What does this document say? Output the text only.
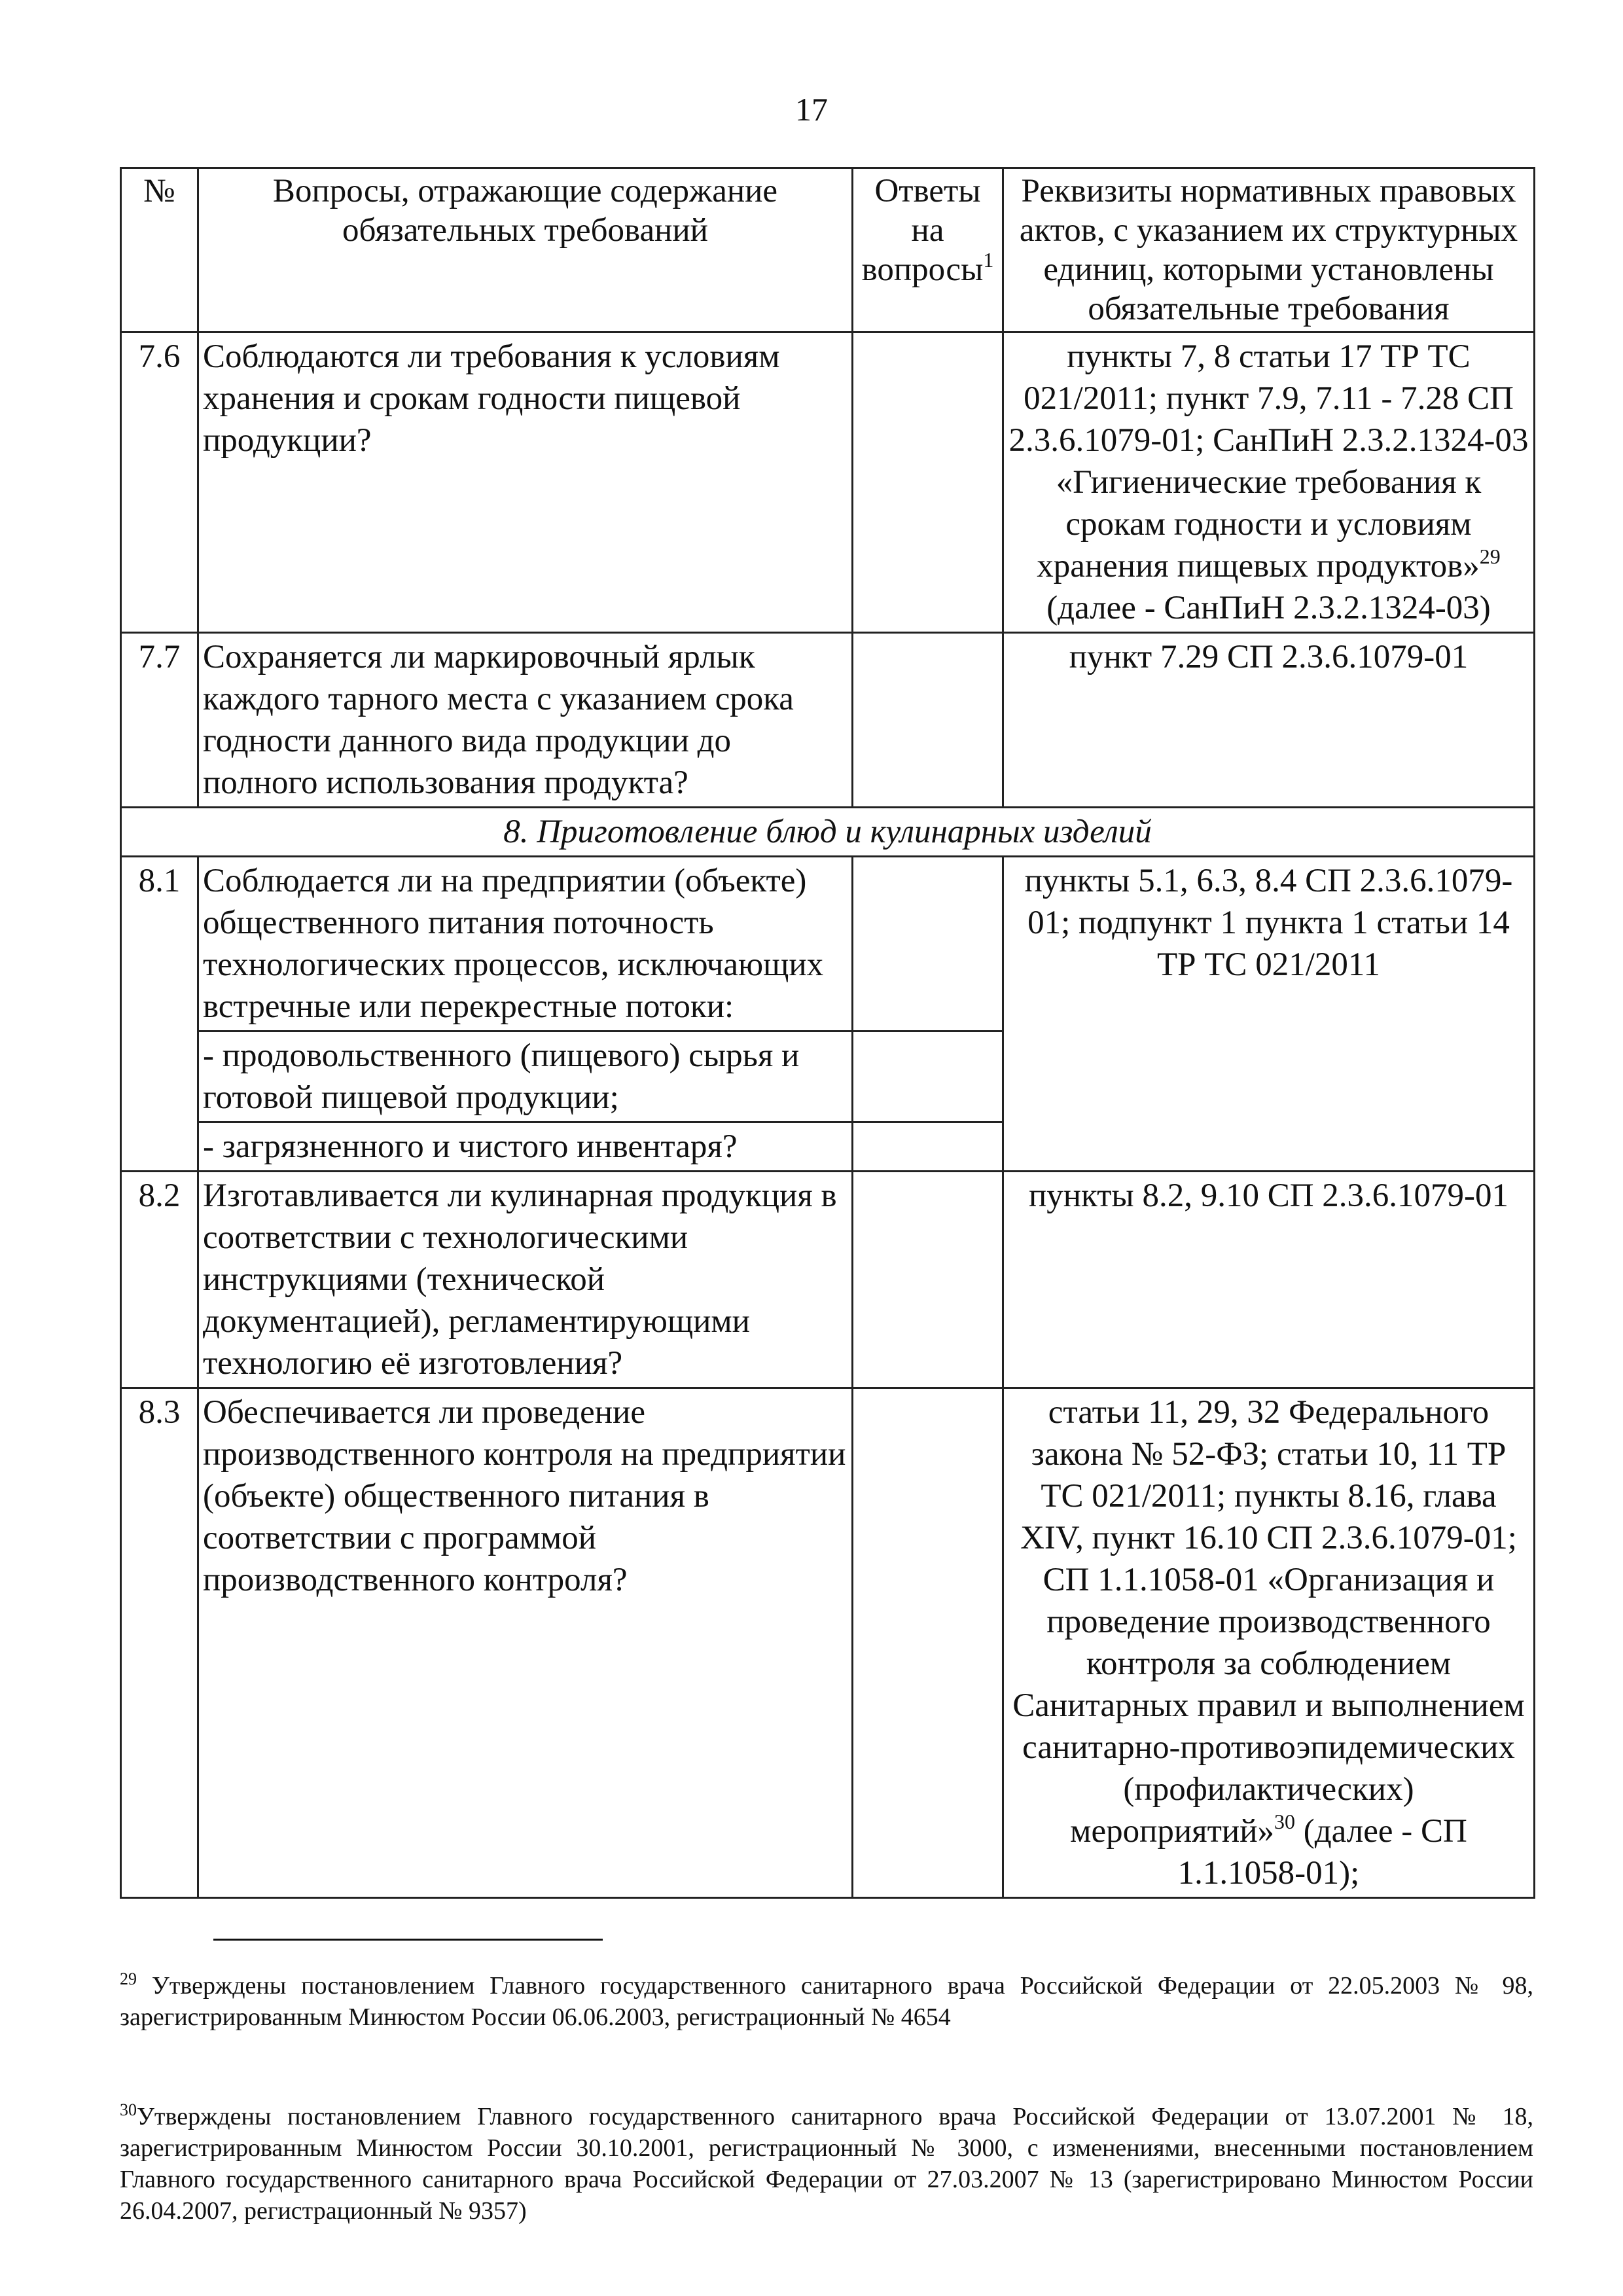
17
№	Вопросы, отражающие содержание обязательных требований	Ответы на вопросы$^1$	Реквизиты нормативных правовых актов, с указанием их структурных единиц, которыми установлены обязательные требования
7.6	Соблюдаются ли требования к условиям хранения и срокам годности пищевой продукции?		пункты 7, 8 статьи 17 ТР ТС 021/2011; пункт 7.9, 7.11 - 7.28 СП 2.3.6.1079-01; СанПиН 2.3.2.1324-03 «Гигиенические требования к срокам годности и условиям хранения пищевых продуктов»$^{29}$ (далее - СанПиН 2.3.2.1324-03)
7.7	Сохраняется ли маркировочный ярлык каждого тарного места с указанием срока годности данного вида продукции до полного использования продукта?		пункт 7.29 СП 2.3.6.1079-01
8. Приготовление блюд и кулинарных изделий			
8.1	Соблюдается ли на предприятии (объекте) общественного питания поточность технологических процессов, исключающих встречные или перекрестные потоки:		пункты 5.1, 6.3, 8.4 СП 2.3.6.1079-01; подпункт 1 пункта 1 статьи 14 ТР ТС 021/2011
	- продовольственного (пищевого) сырья и готовой пищевой продукции;		
	- загрязненного и чистого инвентаря?		
8.2	Изготавливается ли кулинарная продукция в соответствии с технологическими инструкциями (технической документацией), регламентирующими технологию её изготовления?		пункты 8.2, 9.10 СП 2.3.6.1079-01
8.3	Обеспечивается ли проведение производственного контроля на предприятии (объекте) общественного питания в соответствии с программой производственного контроля?		статьи 11, 29, 32 Федерального закона № 52-ФЗ; статьи 10, 11 ТР ТС 021/2011; пункты 8.16, глава XIV, пункт 16.10 СП 2.3.6.1079-01; СП 1.1.1058-01 «Организация и проведение производственного контроля за соблюдением Санитарных правил и выполнением санитарно-противоэпидемических (профилактических) мероприятий»$^{30}$ (далее - СП 1.1.1058-01);
$^{29}$ Утверждены постановлением Главного государственного санитарного врача Российской Федерации от 22.05.2003 № 98, зарегистрированным Минюстом России 06.06.2003, регистрационный № 4654
$^{30}$Утверждены постановлением Главного государственного санитарного врача Российской Федерации от 13.07.2001 № 18, зарегистрированным Минюстом России 30.10.2001, регистрационный № 3000, с изменениями, внесенными постановлением Главного государственного санитарного врача Российской Федерации от 27.03.2007 № 13 (зарегистрировано Минюстом России 26.04.2007, регистрационный № 9357)
